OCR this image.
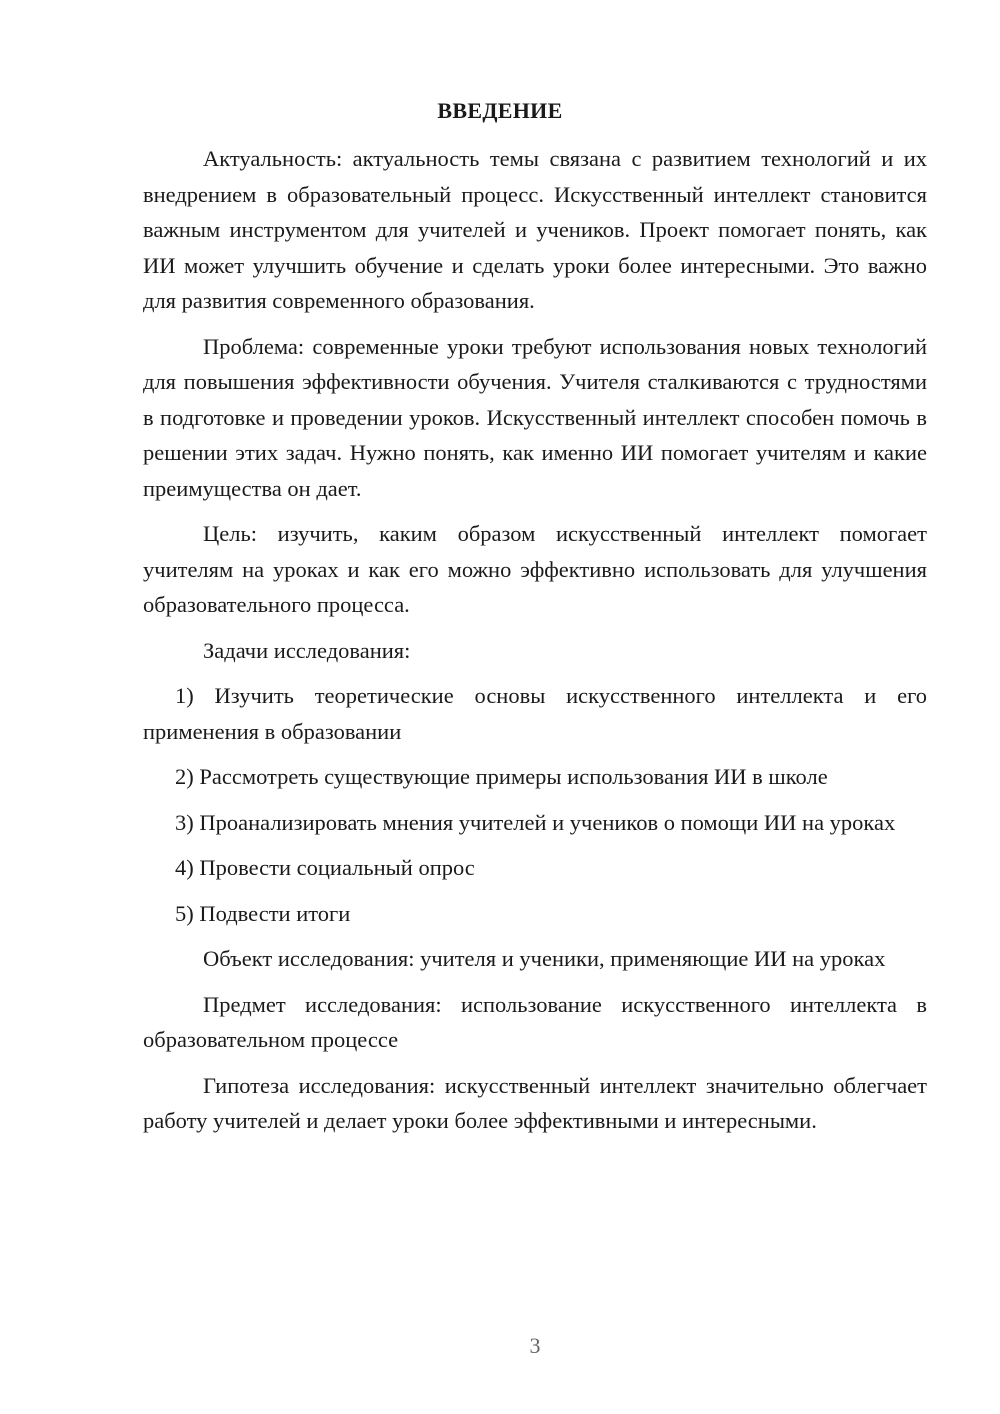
ВВЕДЕНИЕ

Актуальность: актуальность темы связана с развитием технологий и их внедрением в образовательный процесс. Искусственный интеллект становится важным инструментом для учителей и учеников. Проект помогает понять, как ИИ может улучшить обучение и сделать уроки более интересными. Это важно для развития современного образования.

Проблема: современные уроки требуют использования новых технологий для повышения эффективности обучения. Учителя сталкиваются с трудностями в подготовке и проведении уроков. Искусственный интеллект способен помочь в решении этих задач. Нужно понять, как именно ИИ помогает учителям и какие преимущества он дает.

Цель: изучить, каким образом искусственный интеллект помогает учителям на уроках и как его можно эффективно использовать для улучшения образовательного процесса.

Задачи исследования:

1) Изучить теоретические основы искусственного интеллекта и его применения в образовании

2) Рассмотреть существующие примеры использования ИИ в школе

3) Проанализировать мнения учителей и учеников о помощи ИИ на уроках

4) Провести социальный опрос

5) Подвести итоги

Объект исследования: учителя и ученики, применяющие ИИ на уроках

Предмет исследования: использование искусственного интеллекта в образовательном процессе

Гипотеза исследования: искусственный интеллект значительно облегчает работу учителей и делает уроки более эффективными и интересными.

3
